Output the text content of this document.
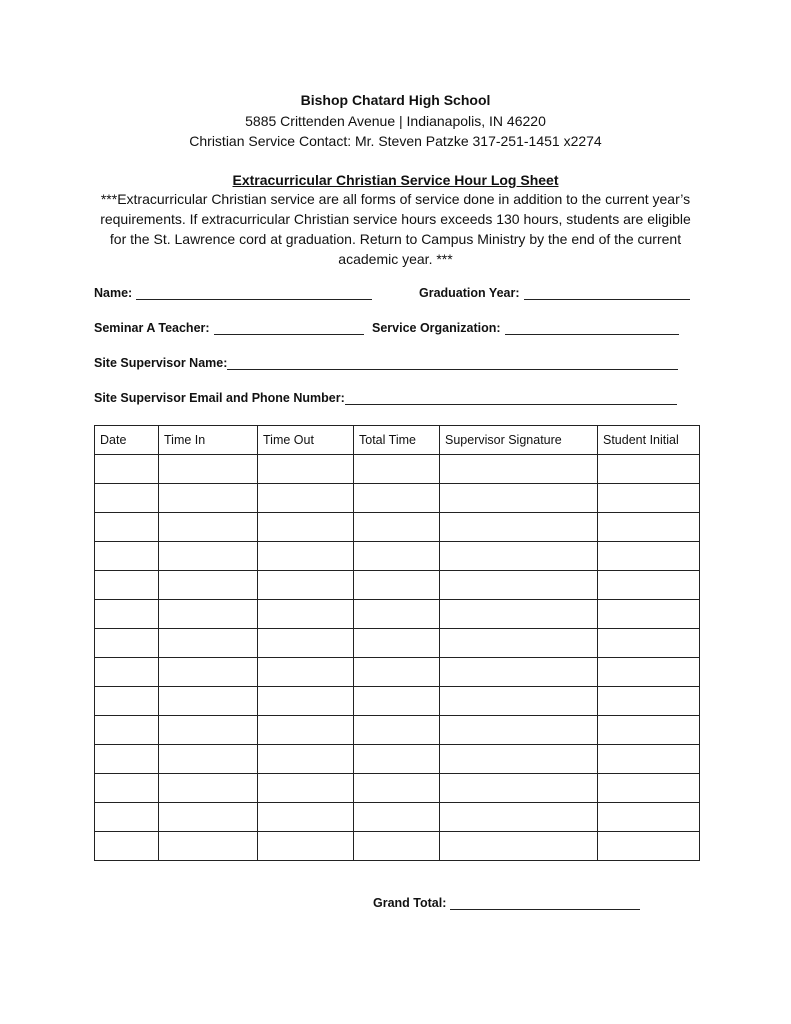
Bishop Chatard High School
5885 Crittenden Avenue | Indianapolis, IN 46220
Christian Service Contact: Mr. Steven Patzke 317-251-1451 x2274
Extracurricular Christian Service Hour Log Sheet
***Extracurricular Christian service are all forms of service done in addition to the current year’s requirements. If extracurricular Christian service hours exceeds 130 hours, students are eligible for the St. Lawrence cord at graduation. Return to Campus Ministry by the end of the current academic year. ***
Name:	Graduation Year:
Seminar A Teacher:	Service Organization:
Site Supervisor Name:
Site Supervisor Email and Phone Number:
Date	Time In	Time Out	Total Time	Supervisor Signature	Student Initial

Grand Total:
